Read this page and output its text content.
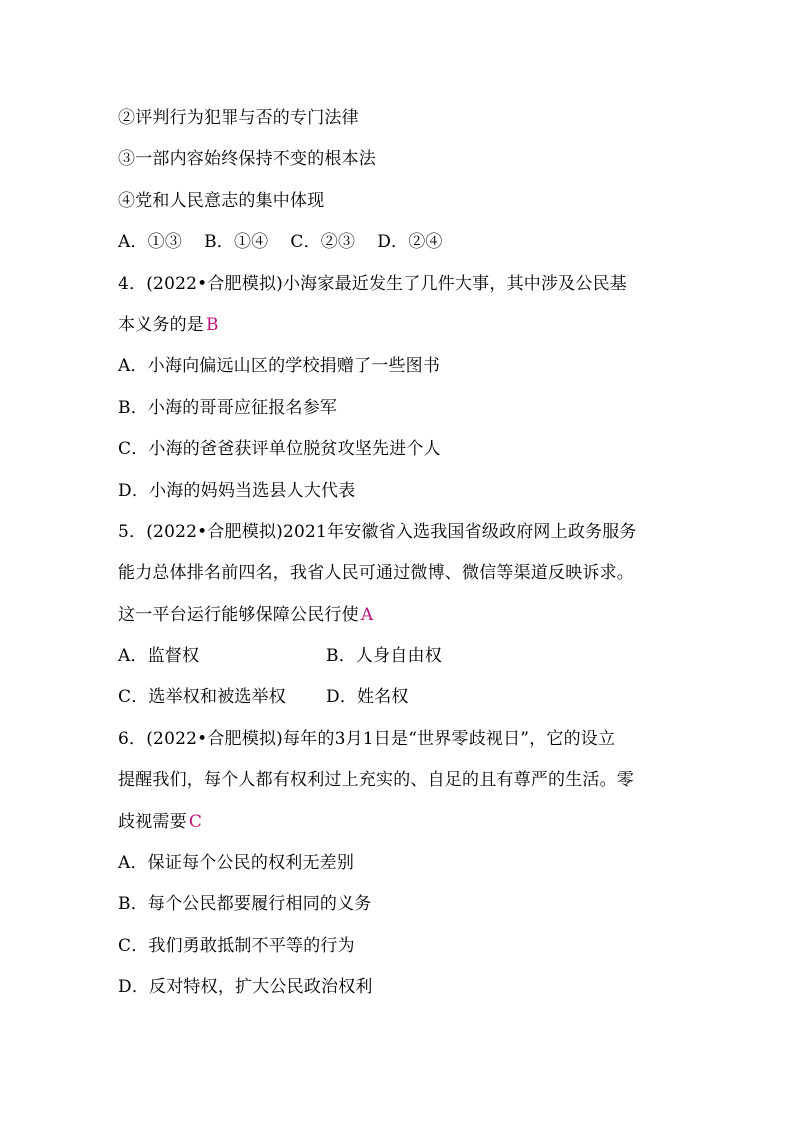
②评判行为犯罪与否的专门法律
③一部内容始终保持不变的根本法
④党和人民意志的集中体现
A．①③ B．①④ C．②③ D．②④
4．(2022•合肥模拟)小海家最近发生了几件大事，其中涉及公民基
本义务的是 B
A．小海向偏远山区的学校捐赠了一些图书
B．小海的哥哥应征报名参军
C．小海的爸爸获评单位脱贫攻坚先进个人
D．小海的妈妈当选县人大代表
5．(2022•合肥模拟)2021年安徽省入选我国省级政府网上政务服务
能力总体排名前四名，我省人民可通过微博、微信等渠道反映诉求。
这一平台运行能够保障公民行使 A
A．监督权	B．人身自由权
C．选举权和被选举权 D．姓名权
6．(2022•合肥模拟)每年的3月1日是“世界零歧视日”，它的设立
提醒我们，每个人都有权利过上充实的、自足的且有尊严的生活。零
歧视需要 C
A．保证每个公民的权利无差别
B．每个公民都要履行相同的义务
C．我们勇敢抵制不平等的行为
D．反对特权，扩大公民政治权利
